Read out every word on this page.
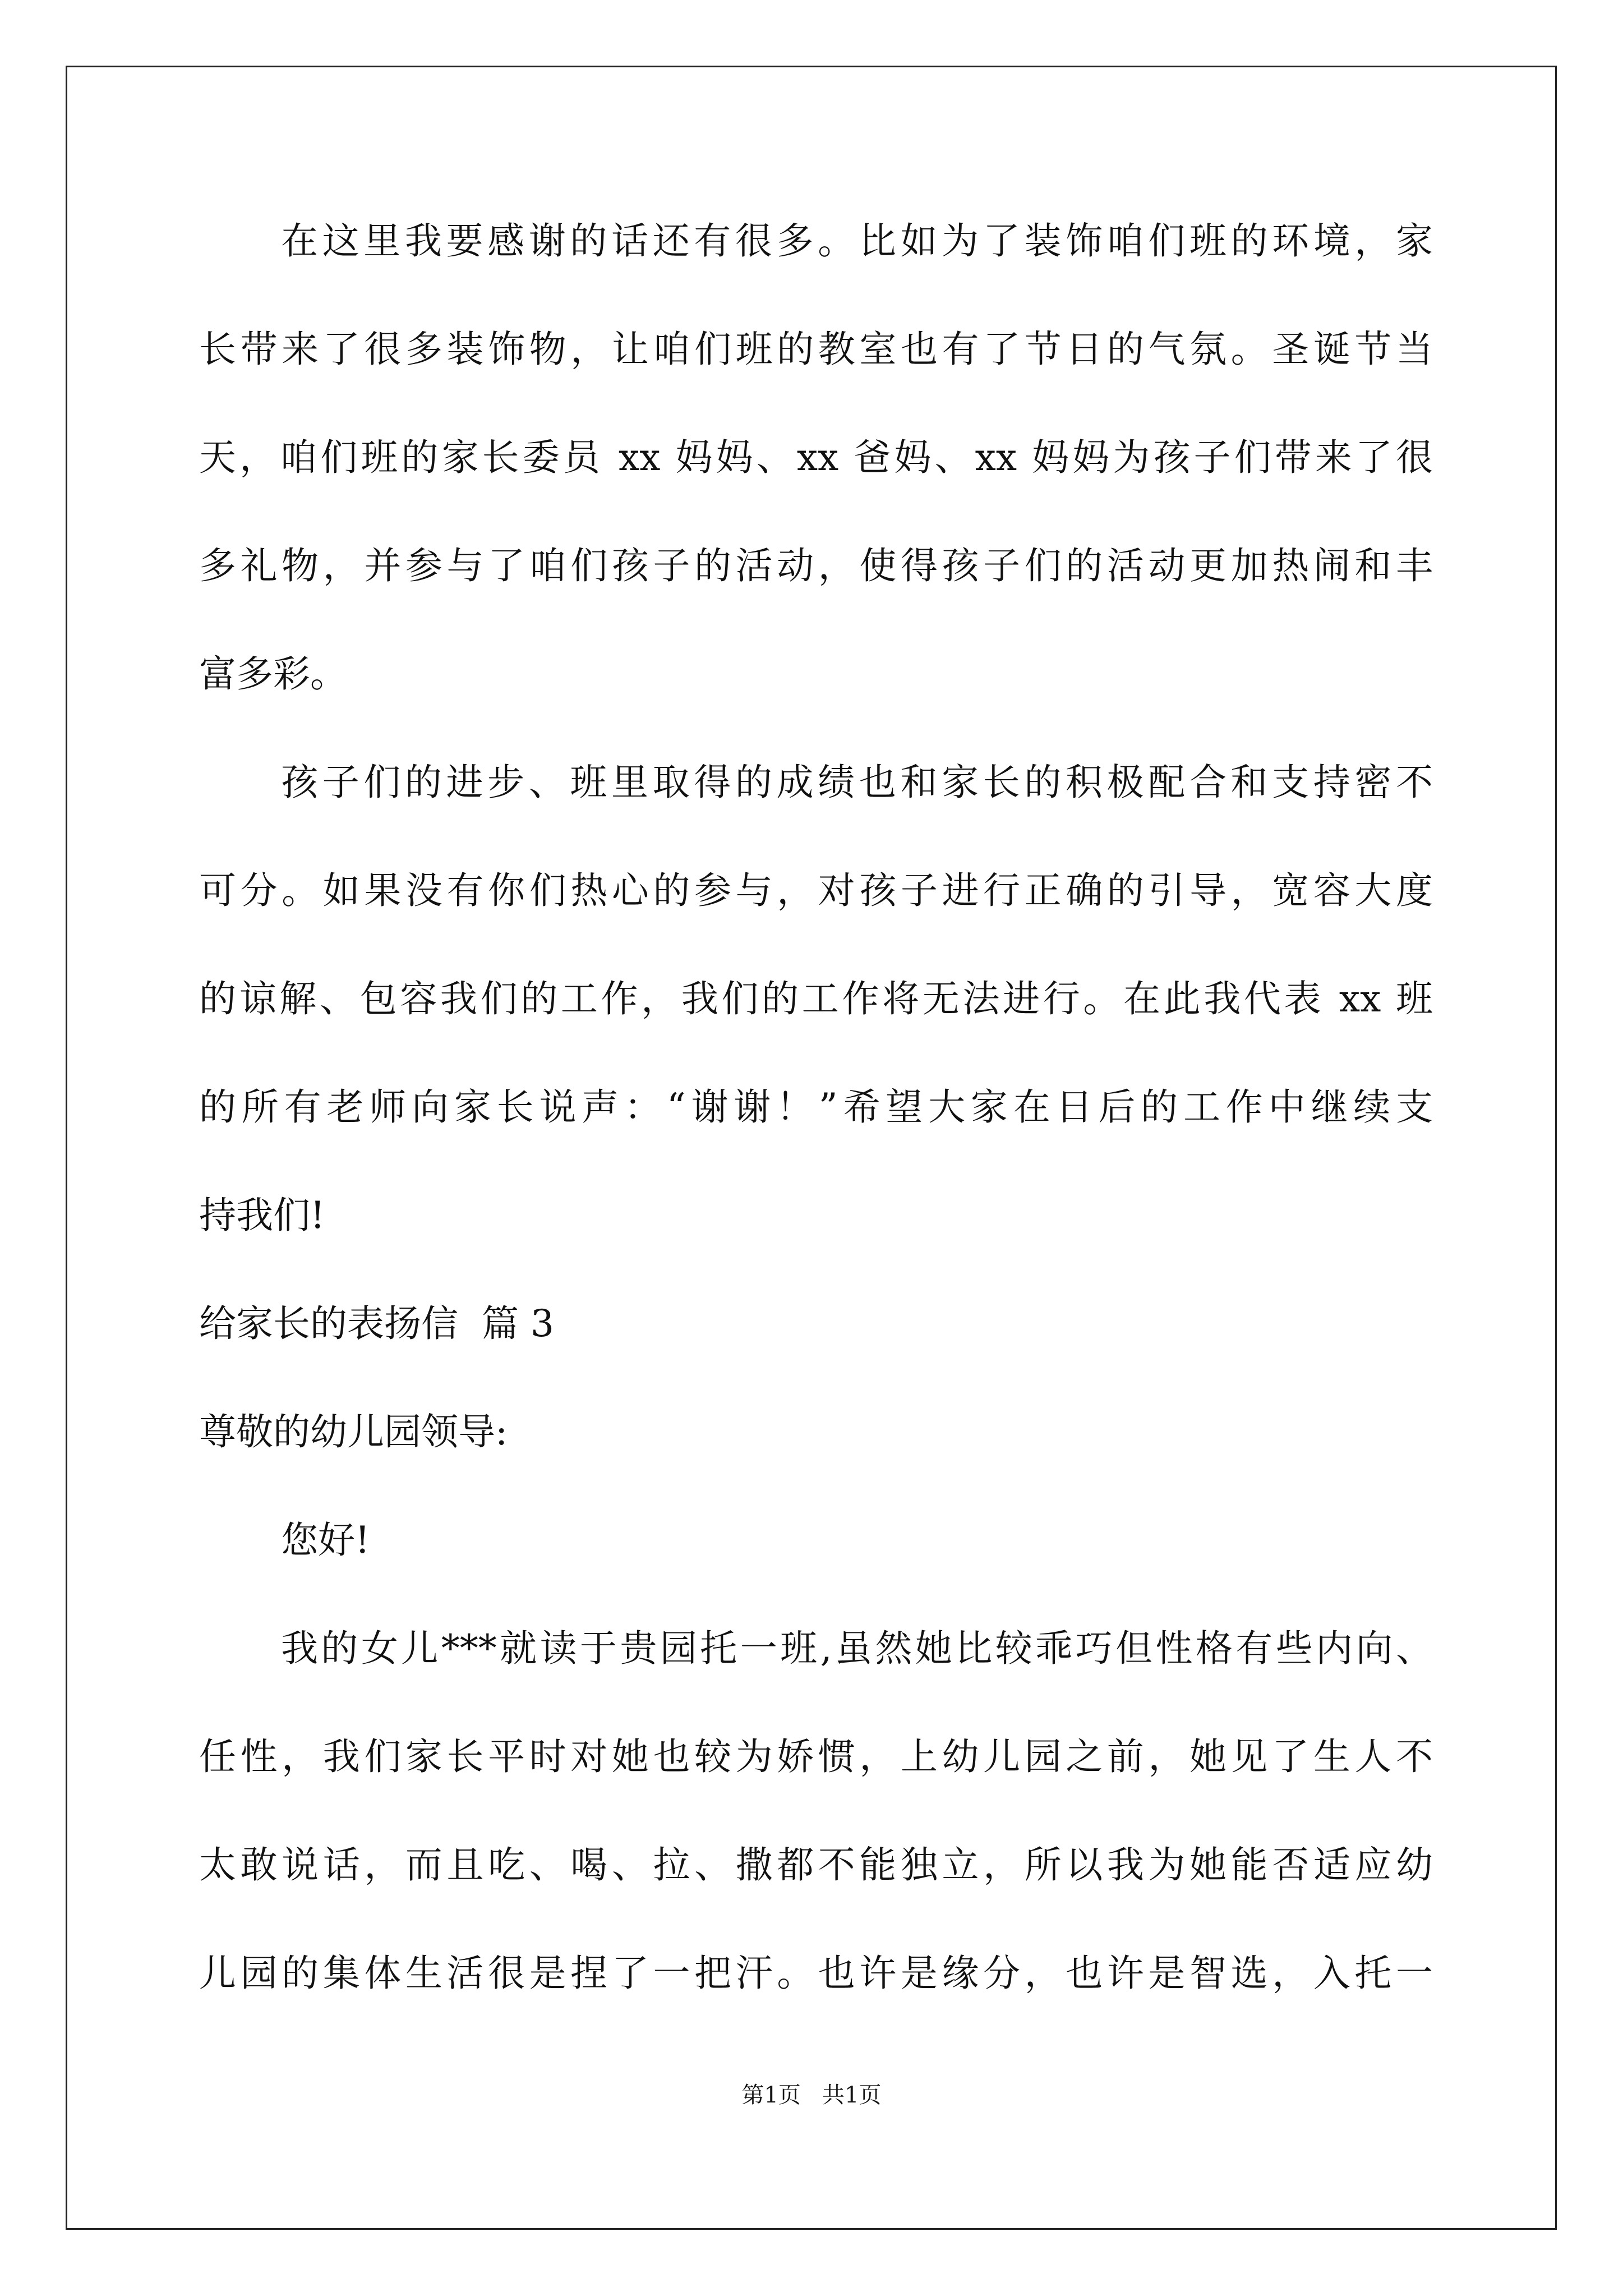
在这里我要感谢的话还有很多。比如为了装饰咱们班的环境，家
长带来了很多装饰物，让咱们班的教室也有了节日的气氛。圣诞节当
天，咱们班的家长委员 xx 妈妈、xx 爸妈、xx 妈妈为孩子们带来了很
多礼物，并参与了咱们孩子的活动，使得孩子们的活动更加热闹和丰
富多彩。
孩子们的进步、班里取得的成绩也和家长的积极配合和支持密不
可分。如果没有你们热心的参与，对孩子进行正确的引导，宽容大度
的谅解、包容我们的工作，我们的工作将无法进行。在此我代表 xx 班
的所有老师向家长说声：“谢谢！”希望大家在日后的工作中继续支
持我们!
给家长的表扬信  篇 3
尊敬的幼儿园领导:
您好!
我的女儿***就读于贵园托一班,虽然她比较乖巧但性格有些内向、
任性，我们家长平时对她也较为娇惯，上幼儿园之前，她见了生人不
太敢说话，而且吃、喝、拉、撒都不能独立，所以我为她能否适应幼
儿园的集体生活很是捏了一把汗。也许是缘分，也许是智选，入托一
第1页   共1页
